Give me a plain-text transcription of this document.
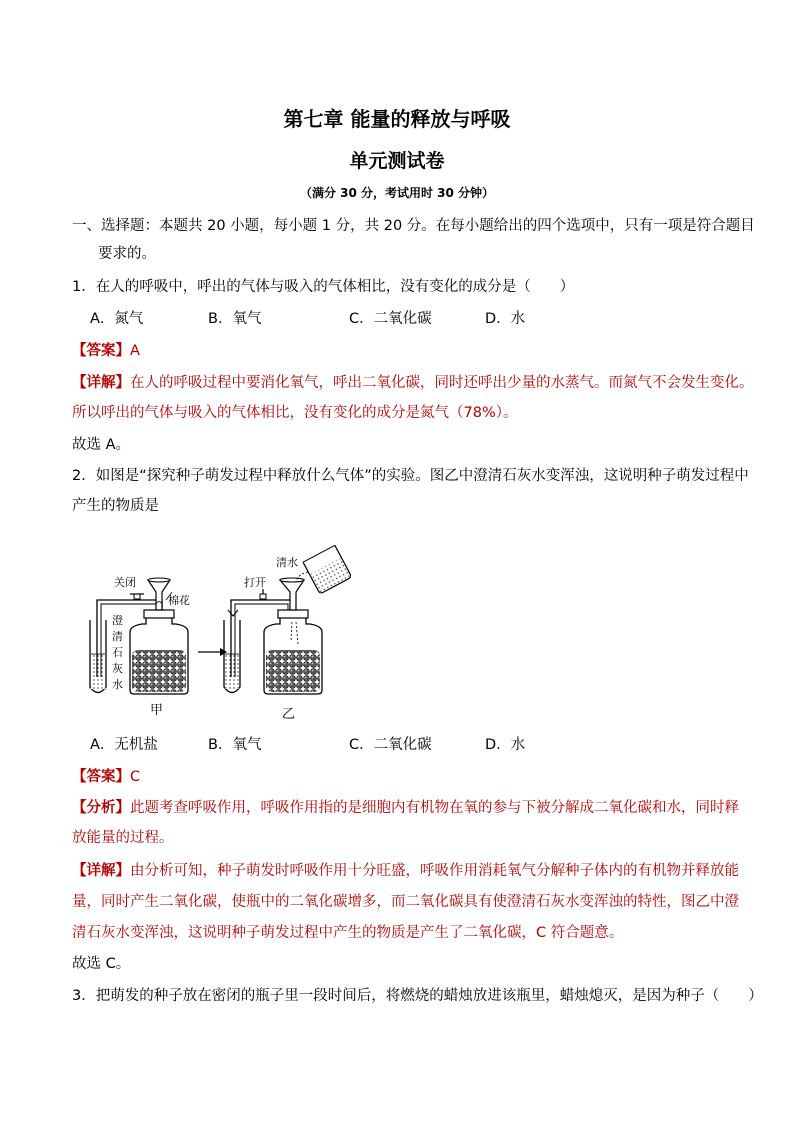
第七章 能量的释放与呼吸
单元测试卷
（满分 30 分，考试用时 30 分钟）
一、选择题：本题共 20 小题，每小题 1 分，共 20 分。在每小题给出的四个选项中，只有一项是符合题目
要求的。
1．在人的呼吸中，呼出的气体与吸入的气体相比，没有变化的成分是（　　）
A．氮气	B．氧气	C．二氧化碳	D．水
【答案】A
【详解】在人的呼吸过程中要消化氧气，呼出二氧化碳，同时还呼出少量的水蒸气。而氮气不会发生变化。
所以呼出的气体与吸入的气体相比，没有变化的成分是氮气（78%）。
故选 A。
2．如图是“探究种子萌发过程中释放什么气体”的实验。图乙中澄清石灰水变浑浊，这说明种子萌发过程中
产生的物质是
关闭
棉花
澄
清
石
灰
水
打开
清水
甲	乙
A．无机盐	B．氧气	C．二氧化碳	D．水
【答案】C
【分析】此题考查呼吸作用，呼吸作用指的是细胞内有机物在氧的参与下被分解成二氧化碳和水，同时释
放能量的过程。
【详解】由分析可知，种子萌发时呼吸作用十分旺盛，呼吸作用消耗氧气分解种子体内的有机物并释放能
量，同时产生二氧化碳，使瓶中的二氧化碳增多，而二氧化碳具有使澄清石灰水变浑浊的特性，图乙中澄
清石灰水变浑浊，这说明种子萌发过程中产生的物质是产生了二氧化碳，C 符合题意。
故选 C。
3．把萌发的种子放在密闭的瓶子里一段时间后，将燃烧的蜡烛放进该瓶里，蜡烛熄灭，是因为种子（　　）
